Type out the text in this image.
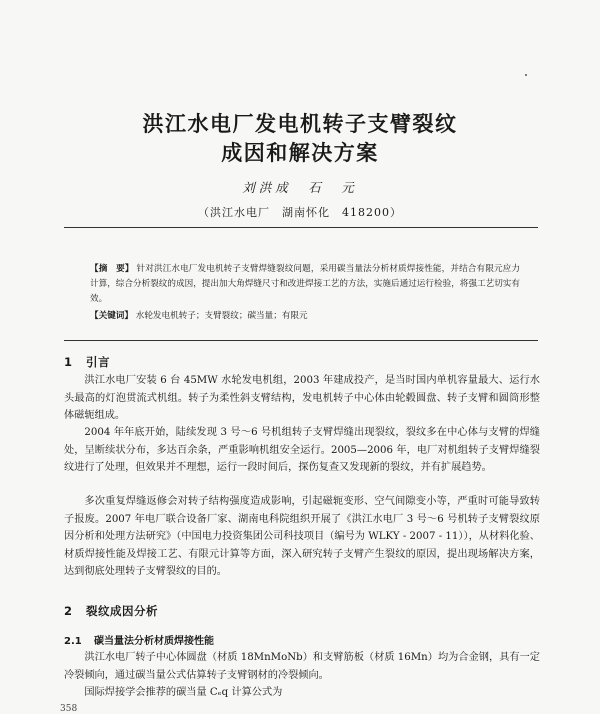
洪江水电厂发电机转子支臂裂纹
成因和解决方案
刘洪成　石　元
（洪江水电厂　湖南怀化　418200）
【摘　要】 针对洪江水电厂发电机转子支臂焊缝裂纹问题，采用碳当量法分析材质焊接性能，并结合有限元应力计算，综合分析裂纹的成因，提出加大角焊缝尺寸和改进焊接工艺的方法，实施后通过运行检验，将强工艺切实有效。
【关键词】 水轮发电机转子；支臂裂纹；碳当量；有限元
1 引言

洪江水电厂安装 6 台 45MW 水轮发电机组，2003 年建成投产，是当时国内单机容量最大、运行水头最高的灯泡贯流式机组。转子为柔性斜支臂结构，发电机转子中心体由轮毂圆盘、转子支臂和圆筒形整体磁轭组成。

2004 年年底开始，陆续发现 3 号～6 号机组转子支臂焊缝出现裂纹，裂纹多在中心体与支臂的焊缝处，呈断续状分布，多达百余条，严重影响机组安全运行。2005—2006 年，电厂对机组转子支臂焊缝裂纹进行了处理，但效果并不理想，运行一段时间后，探伤复查又发现新的裂纹，并有扩展趋势。

多次重复焊缝返修会对转子结构强度造成影响，引起磁轭变形、空气间隙变小等，严重时可能导致转子报废。2007 年电厂联合设备厂家、湖南电科院组织开展了《洪江水电厂 3 号～6 号机转子支臂裂纹原因分析和处理方法研究》（中国电力投资集团公司科技项目（编号为 WLKY - 2007 - 11）），从材料化验、材质焊接性能及焊接工艺、有限元计算等方面，深入研究转子支臂产生裂纹的原因，提出现场解决方案，达到彻底处理转子支臂裂纹的目的。

2 裂纹成因分析
2.1 碳当量法分析材质焊接性能

洪江水电厂转子中心体圆盘（材质 18MnMoNb）和支臂筋板（材质 16Mn）均为合金钢，具有一定冷裂倾向，通过碳当量公式估算转子支臂钢材的冷裂倾向。

国际焊接学会推荐的碳当量 Cₑq 计算公式为

358
